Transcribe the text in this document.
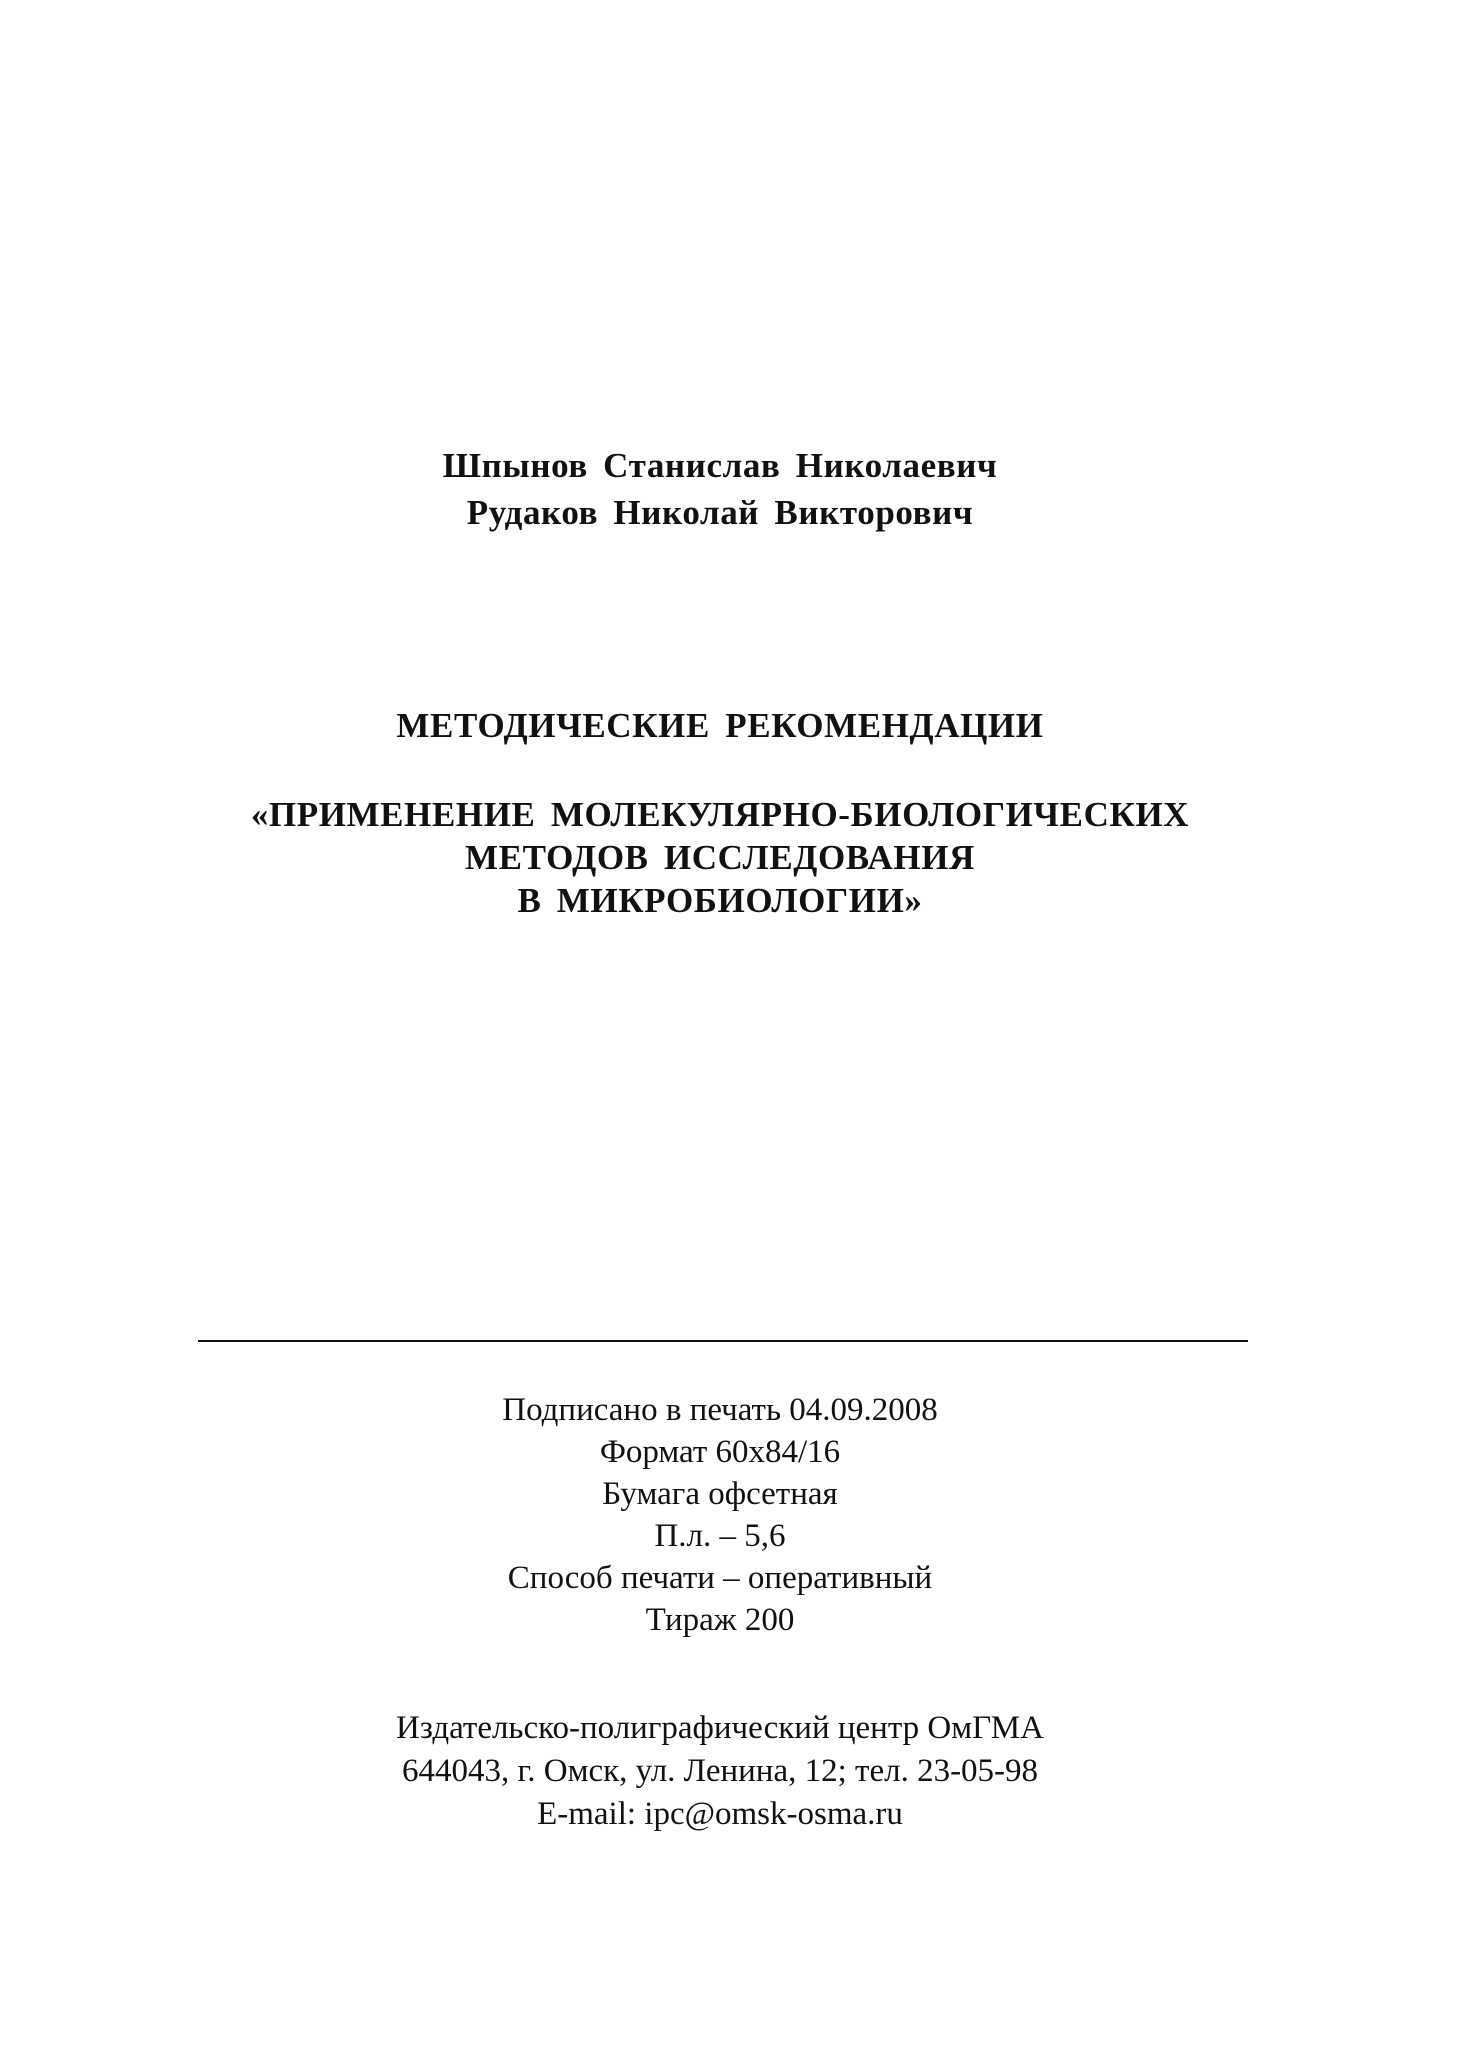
Шпынов Станислав Николаевич
Рудаков Николай Викторович
МЕТОДИЧЕСКИЕ РЕКОМЕНДАЦИИ
«ПРИМЕНЕНИЕ МОЛЕКУЛЯРНО-БИОЛОГИЧЕСКИХ
МЕТОДОВ ИССЛЕДОВАНИЯ
В МИКРОБИОЛОГИИ»
Подписано в печать 04.09.2008
Формат 60х84/16
Бумага офсетная
П.л. – 5,6
Способ печати – оперативный
Тираж 200
Издательско-полиграфический центр ОмГМА
644043, г. Омск, ул. Ленина, 12; тел. 23-05-98
E-mail: ipc@omsk-osma.ru
